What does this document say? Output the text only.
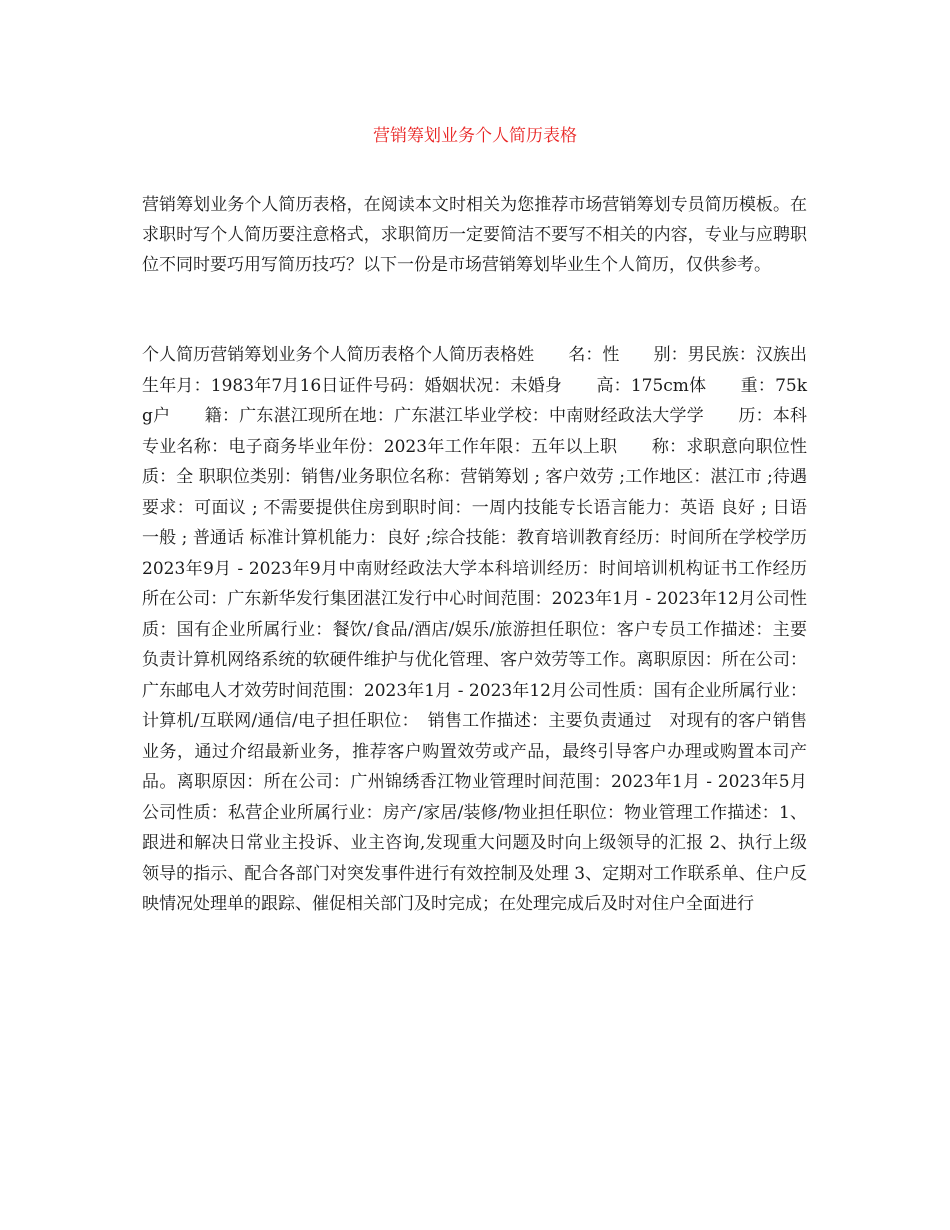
营销筹划业务个人简历表格

营销筹划业务个人简历表格，在阅读本文时相关为您推荐市场营销筹划专员简历模板。在求职时写个人简历要注意格式，求职简历一定要简洁不要写不相关的内容，专业与应聘职位不同时要巧用写简历技巧？以下一份是市场营销筹划毕业生个人简历，仅供参考。

个人简历营销筹划业务个人简历表格个人简历表格姓　　名：性　　别：男民族：汉族出生年月：1983年7月16日证件号码：婚姻状况：未婚身　　高：175cm体　　重：75kg户　　籍：广东湛江现所在地：广东湛江毕业学校：中南财经政法大学学　　历：本科专业名称：电子商务毕业年份：2023年工作年限：五年以上职　　称：求职意向职位性质：全 职职位类别：销售/业务职位名称：营销筹划 ; 客户效劳 ;工作地区：湛江市 ;待遇要求：可面议 ; 不需要提供住房到职时间：一周内技能专长语言能力：英语 良好 ; 日语 一般 ; 普通话 标准计算机能力：良好 ;综合技能：教育培训教育经历：时间所在学校学历2023年9月 - 2023年9月中南财经政法大学本科培训经历：时间培训机构证书工作经历所在公司：广东新华发行集团湛江发行中心时间范围：2023年1月 - 2023年12月公司性质：国有企业所属行业：餐饮/食品/酒店/娱乐/旅游担任职位：客户专员工作描述：主要负责计算机网络系统的软硬件维护与优化管理、客户效劳等工作。离职原因：所在公司：广东邮电人才效劳时间范围：2023年1月 - 2023年12月公司性质：国有企业所属行业：计算机/互联网/通信/电子担任职位：　销售工作描述：主要负责通过　对现有的客户销售　业务，通过介绍最新业务，推荐客户购置效劳或产品，最终引导客户办理或购置本司产品。离职原因：所在公司：广州锦绣香江物业管理时间范围：2023年1月 - 2023年5月公司性质：私营企业所属行业：房产/家居/装修/物业担任职位：物业管理工作描述：1、跟进和解决日常业主投诉、业主咨询,发现重大问题及时向上级领导的汇报 2、执行上级领导的指示、配合各部门对突发事件进行有效控制及处理 3、定期对工作联系单、住户反映情况处理单的跟踪、催促相关部门及时完成；在处理完成后及时对住户全面进行
